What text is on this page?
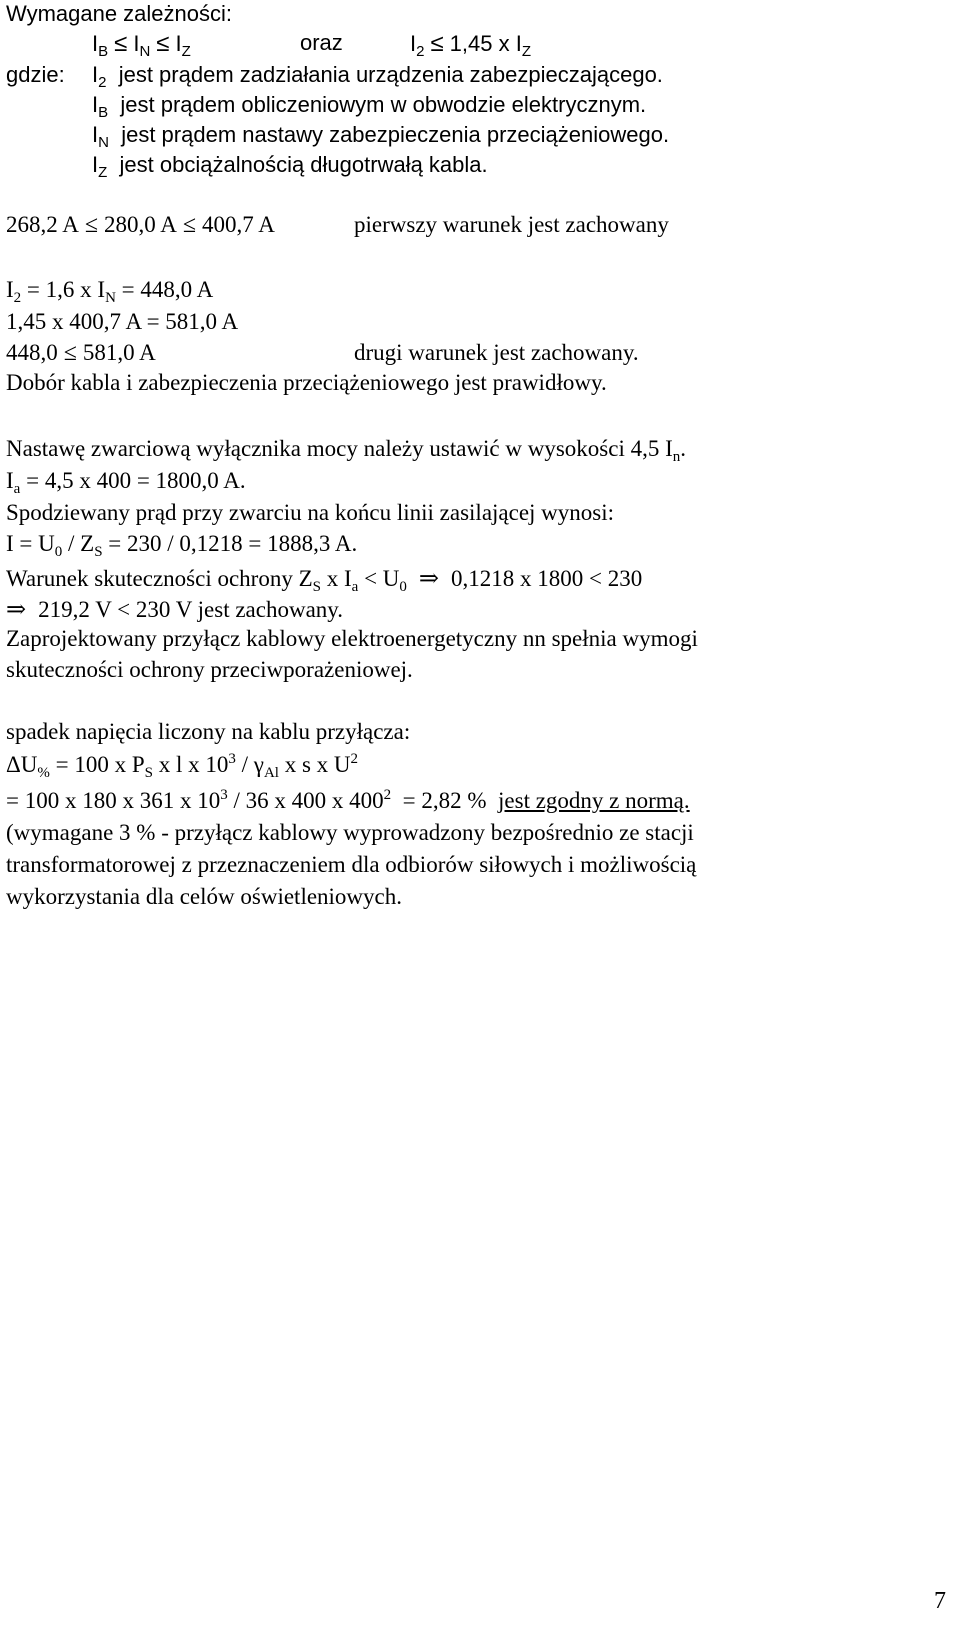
Wymagane zależności:
$I_B \le I_N \le I_Z$	oraz	$I_2 \le 1,45$ x $I_Z$
gdzie: $I_2$ jest prądem zadziałania urządzenia zabezpieczającego.
$I_B$ jest prądem obliczeniowym w obwodzie elektrycznym.
$I_N$ jest prądem nastawy zabezpieczenia przeciążeniowego.
$I_Z$ jest obciążalnością długotrwałą kabla.
268,2 A ≤ 280,0 A ≤ 400,7 A	pierwszy warunek jest zachowany
$I_2 = 1,6$ x $I_N = 448,0$ A
1,45 x 400,7 A = 581,0 A
448,0 ≤ 581,0 A	drugi warunek jest zachowany.
Dobór kabla i zabezpieczenia przeciążeniowego jest prawidłowy.
Nastawę zwarciową wyłącznika mocy należy ustawić w wysokości 4,5 $I_n$.
$I_a = 4,5$ x 400 = 1800,0 A.
Spodziewany prąd przy zwarciu na końcu linii zasilającej wynosi:
$I = U_0 / Z_S = 230 / 0,1218 = 1888,3$ A.
Warunek skuteczności ochrony $Z_S$ x $I_a < U_0$ ⇒ 0,1218 x 1800 < 230
⇒ 219,2 V < 230 V jest zachowany.
Zaprojektowany przyłącz kablowy elektroenergetyczny nn spełnia wymogi
skuteczności ochrony przeciwporażeniowej.
spadek napięcia liczony na kablu przyłącza:
$\Delta U_{\%} = 100$ x $P_S$ x l x $10^3 / \gamma_{Al}$ x s x $U^2$
= 100 x 180 x 361 x $10^3 / 36$ x 400 x $400^2 = 2,82$ % jest zgodny z normą.
(wymagane 3 % - przyłącz kablowy wyprowadzony bezpośrednio ze stacji
transformatorowej z przeznaczeniem dla odbiorów siłowych i możliwością
wykorzystania dla celów oświetleniowych.
7
